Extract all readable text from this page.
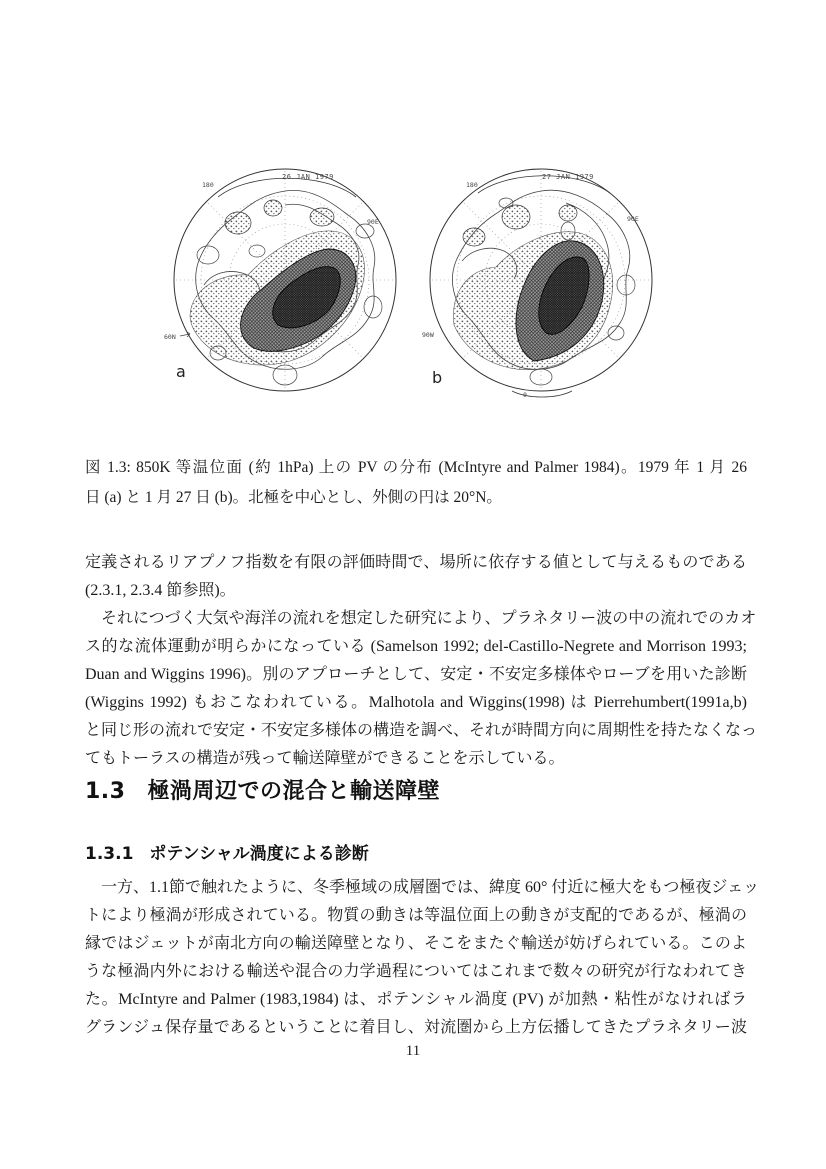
180
26 JAN 1979
90E
60N
a
180
27 JAN 1979
90E
90W
0
b
図 1.3: 850K 等温位面 (約 1hPa) 上の PV の分布 (McIntyre and Palmer 1984)。1979 年 1 月 26
日 (a) と 1 月 27 日 (b)。北極を中心とし、外側の円は 20°N。
定義されるリアプノフ指数を有限の評価時間で、場所に依存する値として与えるものである
(2.3.1, 2.3.4 節参照)。
　それにつづく大気や海洋の流れを想定した研究により、プラネタリー波の中の流れでのカオ
ス的な流体運動が明らかになっている (Samelson 1992; del-Castillo-Negrete and Morrison 1993;
Duan and Wiggins 1996)。別のアプローチとして、安定・不安定多様体やローブを用いた診断
(Wiggins 1992) もおこなわれている。Malhotola and Wiggins(1998) は Pierrehumbert(1991a,b)
と同じ形の流れで安定・不安定多様体の構造を調べ、それが時間方向に周期性を持たなくなっ
てもトーラスの構造が残って輸送障壁ができることを示している。
1.3 極渦周辺での混合と輸送障壁
1.3.1 ポテンシャル渦度による診断
　一方、1.1節で触れたように、冬季極域の成層圏では、緯度 60° 付近に極大をもつ極夜ジェッ
トにより極渦が形成されている。物質の動きは等温位面上の動きが支配的であるが、極渦の
縁ではジェットが南北方向の輸送障壁となり、そこをまたぐ輸送が妨げられている。このよ
うな極渦内外における輸送や混合の力学過程についてはこれまで数々の研究が行なわれてき
た。McIntyre and Palmer (1983,1984) は、ポテンシャル渦度 (PV) が加熱・粘性がなければラ
グランジュ保存量であるということに着目し、対流圏から上方伝播してきたプラネタリー波
11
